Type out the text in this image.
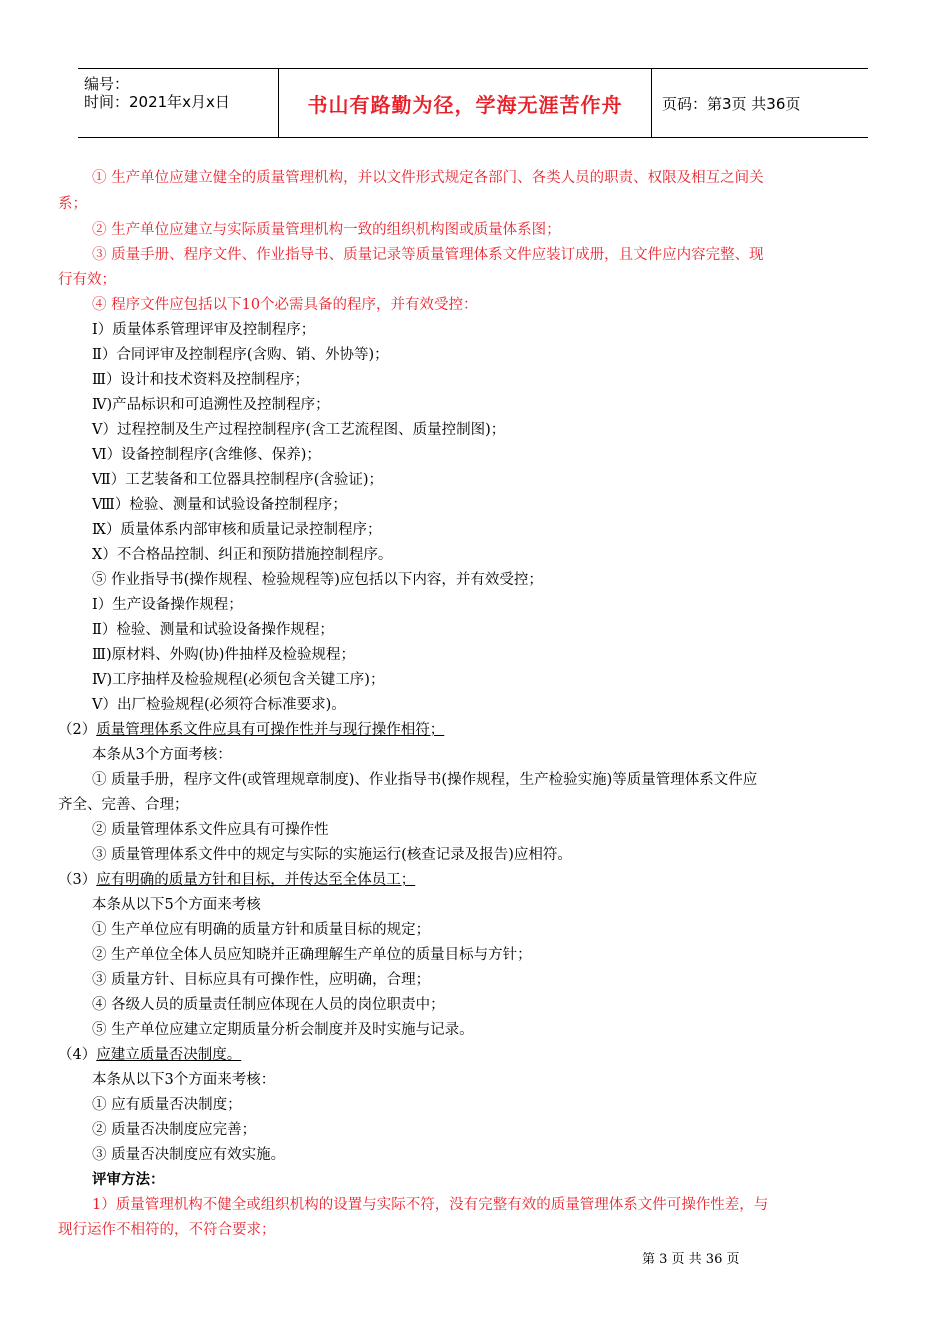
编号：
时间：2021年x月x日	书山有路勤为径，学海无涯苦作舟	页码：第3页 共36页
① 生产单位应建立健全的质量管理机构，并以文件形式规定各部门、各类人员的职责、权限及相互之间关
系；
② 生产单位应建立与实际质量管理机构一致的组织机构图或质量体系图；
③ 质量手册、程序文件、作业指导书、质量记录等质量管理体系文件应装订成册，且文件应内容完整、现
行有效；
④ 程序文件应包括以下10个必需具备的程序，并有效受控：
Ⅰ）质量体系管理评审及控制程序；
Ⅱ）合同评审及控制程序(含购、销、外协等)；
Ⅲ）设计和技术资料及控制程序；
Ⅳ)产品标识和可追溯性及控制程序；
Ⅴ）过程控制及生产过程控制程序(含工艺流程图、质量控制图)；
Ⅵ）设备控制程序(含维修、保养)；
Ⅶ）工艺装备和工位器具控制程序(含验证)；
Ⅷ）检验、测量和试验设备控制程序；
Ⅸ）质量体系内部审核和质量记录控制程序；
Ⅹ）不合格品控制、纠正和预防措施控制程序。
⑤ 作业指导书(操作规程、检验规程等)应包括以下内容，并有效受控；
Ⅰ）生产设备操作规程；
Ⅱ）检验、测量和试验设备操作规程；
Ⅲ)原材料、外购(协)件抽样及检验规程；
Ⅳ)工序抽样及检验规程(必须包含关键工序)；
Ⅴ）出厂检验规程(必须符合标准要求)。
（2）质量管理体系文件应具有可操作性并与现行操作相符；
本条从3个方面考核：
① 质量手册，程序文件(或管理规章制度)、作业指导书(操作规程，生产检验实施)等质量管理体系文件应
齐全、完善、合理；
② 质量管理体系文件应具有可操作性
③ 质量管理体系文件中的规定与实际的实施运行(核查记录及报告)应相符。
（3）应有明确的质量方针和目标，并传达至全体员工；
本条从以下5个方面来考核
① 生产单位应有明确的质量方针和质量目标的规定；
② 生产单位全体人员应知晓并正确理解生产单位的质量目标与方针；
③ 质量方针、目标应具有可操作性，应明确，合理；
④ 各级人员的质量责任制应体现在人员的岗位职责中；
⑤ 生产单位应建立定期质量分析会制度并及时实施与记录。
（4）应建立质量否决制度。
本条从以下3个方面来考核：
① 应有质量否决制度；
② 质量否决制度应完善；
③ 质量否决制度应有效实施。
评审方法：
1）质量管理机构不健全或组织机构的设置与实际不符，没有完整有效的质量管理体系文件可操作性差，与
现行运作不相符的，不符合要求；
第 3 页 共 36 页
